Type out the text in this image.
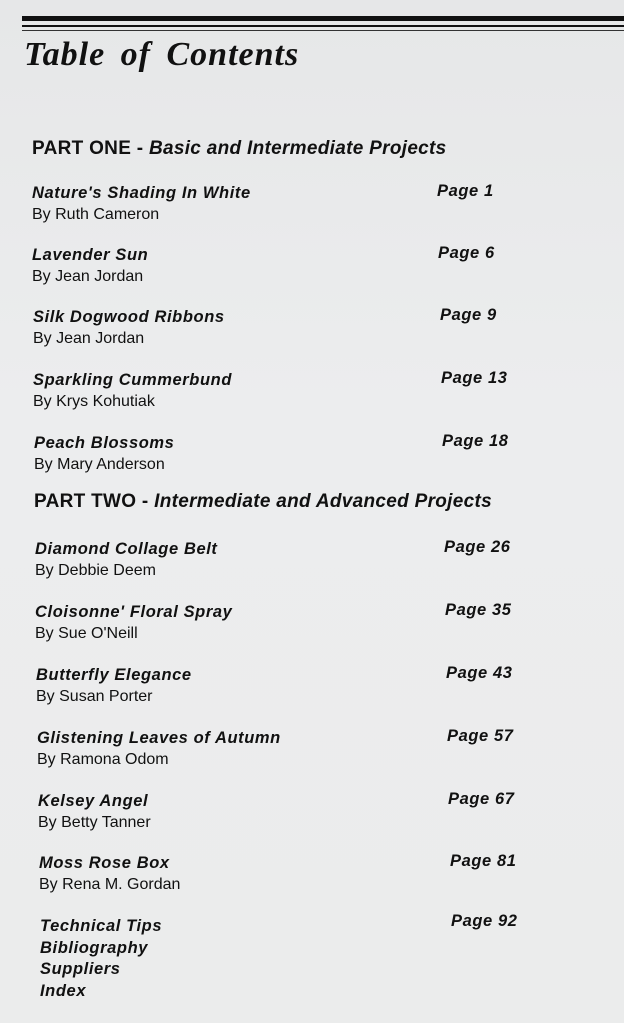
Table of Contents
PART ONE - Basic and Intermediate Projects
Nature's Shading In White
By Ruth Cameron
Page 1
Lavender Sun
By Jean Jordan
Page 6
Silk Dogwood Ribbons
By Jean Jordan
Page 9
Sparkling Cummerbund
By Krys Kohutiak
Page 13
Peach Blossoms
By Mary Anderson
Page 18
PART TWO - Intermediate and Advanced Projects
Diamond Collage Belt
By Debbie Deem
Page 26
Cloisonne' Floral Spray
By Sue O'Neill
Page 35
Butterfly Elegance
By Susan Porter
Page 43
Glistening Leaves of Autumn
By Ramona Odom
Page 57
Kelsey Angel
By Betty Tanner
Page 67
Moss Rose Box
By Rena M. Gordan
Page 81
Technical Tips
Bibliography
Suppliers
Index
Page 92
